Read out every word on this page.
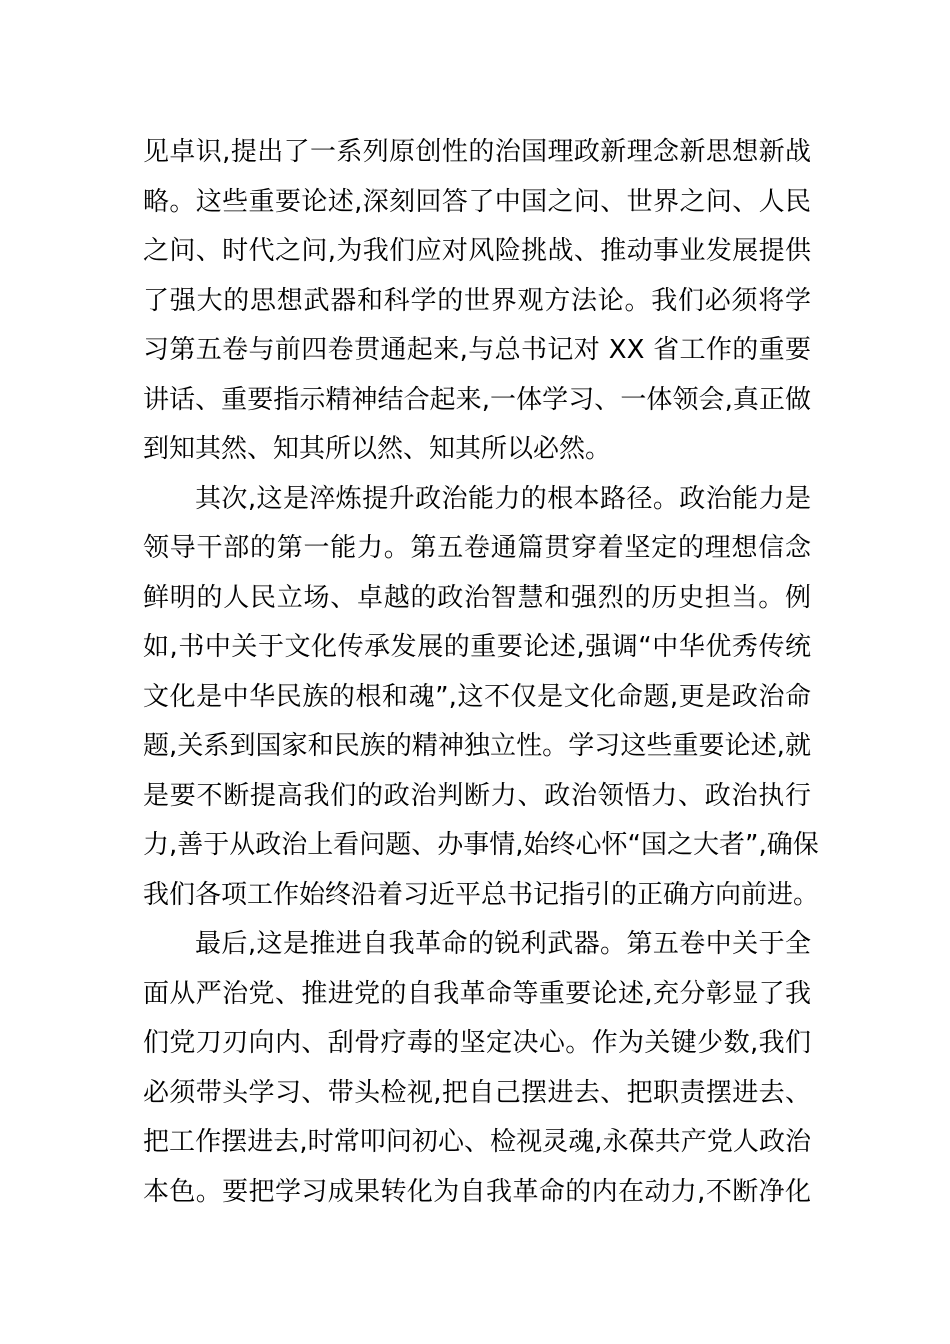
见卓识,提出了一系列原创性的治国理政新理念新思想新战
略。这些重要论述,深刻回答了中国之问、世界之问、人民
之问、时代之问,为我们应对风险挑战、推动事业发展提供
了强大的思想武器和科学的世界观方法论。我们必须将学
习第五卷与前四卷贯通起来,与总书记对 XX 省工作的重要
讲话、重要指示精神结合起来,一体学习、一体领会,真正做
到知其然、知其所以然、知其所以必然。
其次,这是淬炼提升政治能力的根本路径。政治能力是
领导干部的第一能力。第五卷通篇贯穿着坚定的理想信念
鲜明的人民立场、卓越的政治智慧和强烈的历史担当。例
如,书中关于文化传承发展的重要论述,强调“中华优秀传统
文化是中华民族的根和魂”,这不仅是文化命题,更是政治命
题,关系到国家和民族的精神独立性。学习这些重要论述,就
是要不断提高我们的政治判断力、政治领悟力、政治执行
力,善于从政治上看问题、办事情,始终心怀“国之大者”,确保
我们各项工作始终沿着习近平总书记指引的正确方向前进。
最后,这是推进自我革命的锐利武器。第五卷中关于全
面从严治党、推进党的自我革命等重要论述,充分彰显了我
们党刀刃向内、刮骨疗毒的坚定决心。作为关键少数,我们
必须带头学习、带头检视,把自己摆进去、把职责摆进去、
把工作摆进去,时常叩问初心、检视灵魂,永葆共产党人政治
本色。要把学习成果转化为自我革命的内在动力,不断净化
